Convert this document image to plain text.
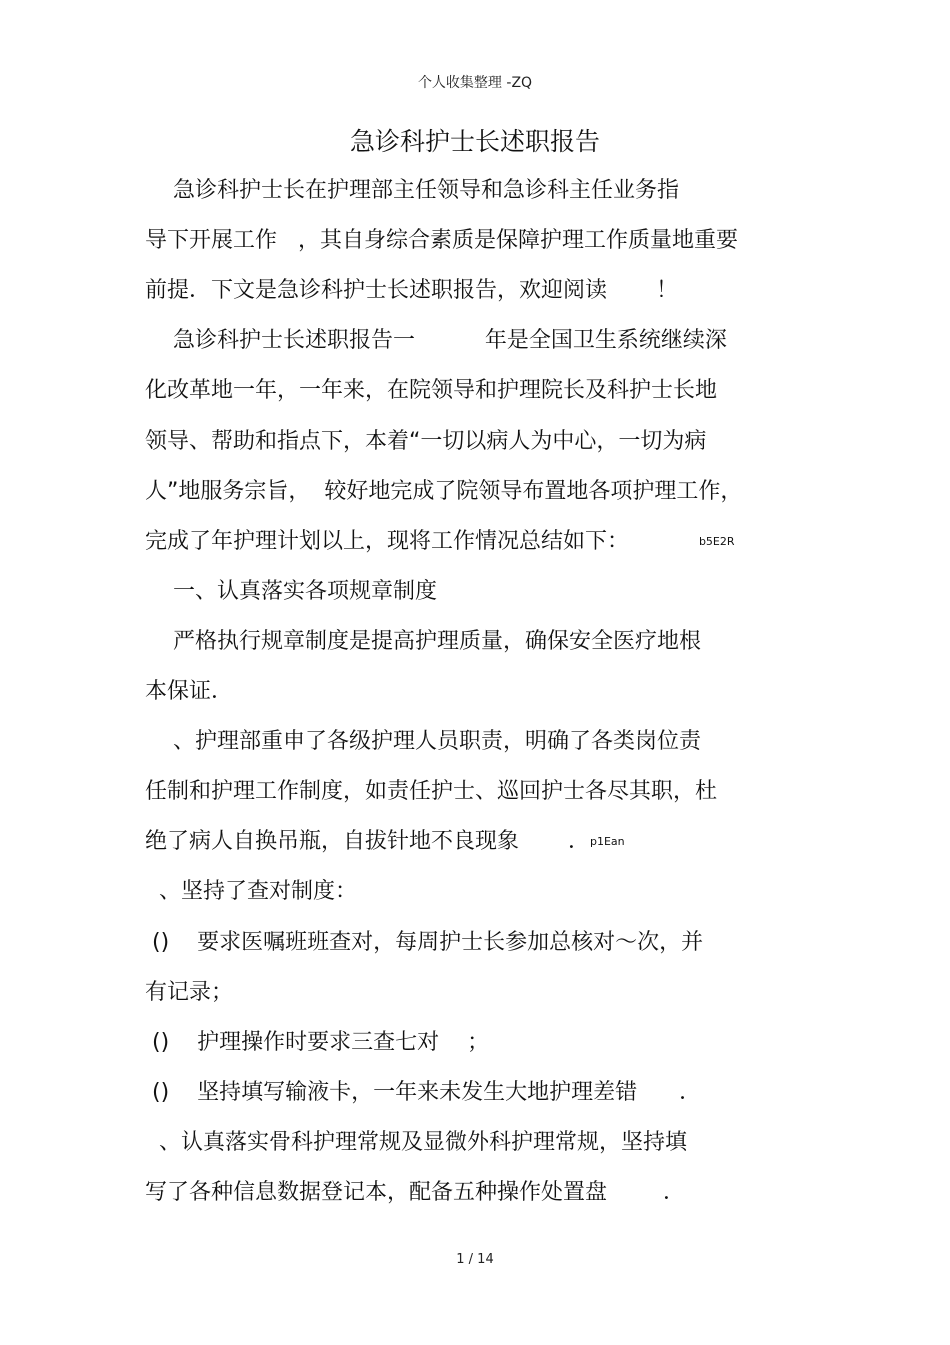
个人收集整理 -ZQ
急诊科护士长述职报告
急诊科护士长在护理部主任领导和急诊科主任业务指
导下开展工作   ，其自身综合素质是保障护理工作质量地重要
前提．下文是急诊科护士长述职报告，欢迎阅读       ！
急诊科护士长述职报告一          年是全国卫生系统继续深
化改革地一年，一年来，在院领导和护理院长及科护士长地
领导、帮助和指点下，本着“一切以病人为中心，一切为病
人”地服务宗旨，  较好地完成了院领导布置地各项护理工作，
完成了年护理计划以上，现将工作情况总结如下：          b5E2R
一、认真落实各项规章制度
严格执行规章制度是提高护理质量，确保安全医疗地根
本保证．
、护理部重申了各级护理人员职责，明确了各类岗位责
任制和护理工作制度，如责任护士、巡回护士各尽其职，杜
绝了病人自换吊瓶，自拔针地不良现象       ．p1Ean
、坚持了查对制度：
()    要求医嘱班班查对，每周护士长参加总核对～次，并
有记录；
()    护理操作时要求三查七对    ；
()    坚持填写输液卡，一年来未发生大地护理差错      ．
、认真落实骨科护理常规及显微外科护理常规，坚持填
写了各种信息数据登记本，配备五种操作处置盘        ．
1 / 14
